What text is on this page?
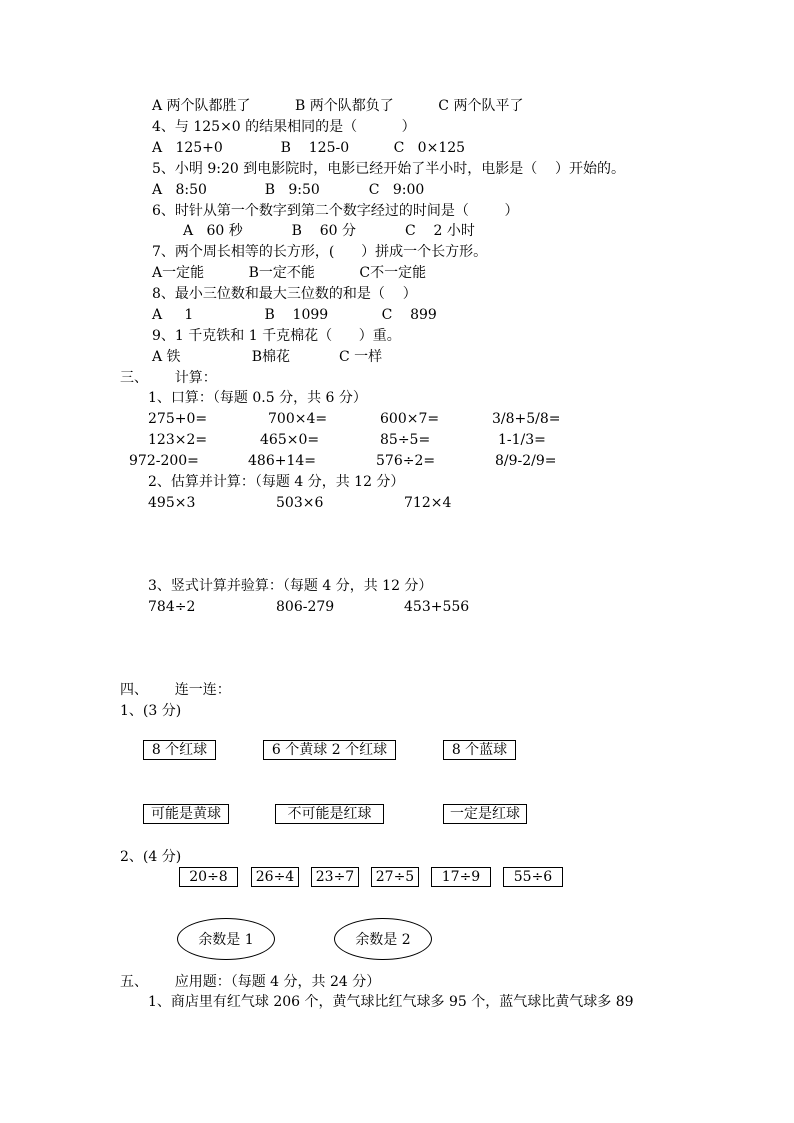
A 两个队都胜了          B 两个队都负了          C 两个队平了
4、与 125×0 的结果相同的是（          ）
A   125+0             B    125-0          C   0×125
5、小明 9:20 到电影院时，电影已经开始了半小时，电影是（    ）开始的。
A   8:50             B   9:50           C   9:00
6、时针从第一个数字到第二个数字经过的时间是（        ）
A   60 秒           B    60 分           C    2 小时
7、两个周长相等的长方形，(      ）拼成一个长方形。
A一定能          B一定不能          C不一定能
8、最小三位数和最大三位数的和是（    ）
A     1                B    1099            C    899
9、1 千克铁和 1 千克棉花（      ）重。
A 铁                B棉花           C 一样
三、      计算：
1、口算：（每题 0.5 分，共 6 分）
275+0=	700×4=	600×7=	3/8+5/8=
123×2=	465×0=	85÷5=	1-1/3=
972-200=	486+14=	576÷2=	8/9-2/9=
2、估算并计算：（每题 4 分，共 12 分）
495×3	503×6	712×4
3、竖式计算并验算：（每题 4 分，共 12 分）
784÷2	806-279	453+556
四、      连一连：
1、(3 分)
8 个红球	6 个黄球 2 个红球	8 个蓝球
可能是黄球	不可能是红球	一定是红球
2、(4 分)
20÷8	26÷4	23÷7	27÷5	17÷9	55÷6
余数是 1	余数是 2
五、      应用题：（每题 4 分，共 24 分）
1、商店里有红气球 206 个，黄气球比红气球多 95 个，蓝气球比黄气球多 89
